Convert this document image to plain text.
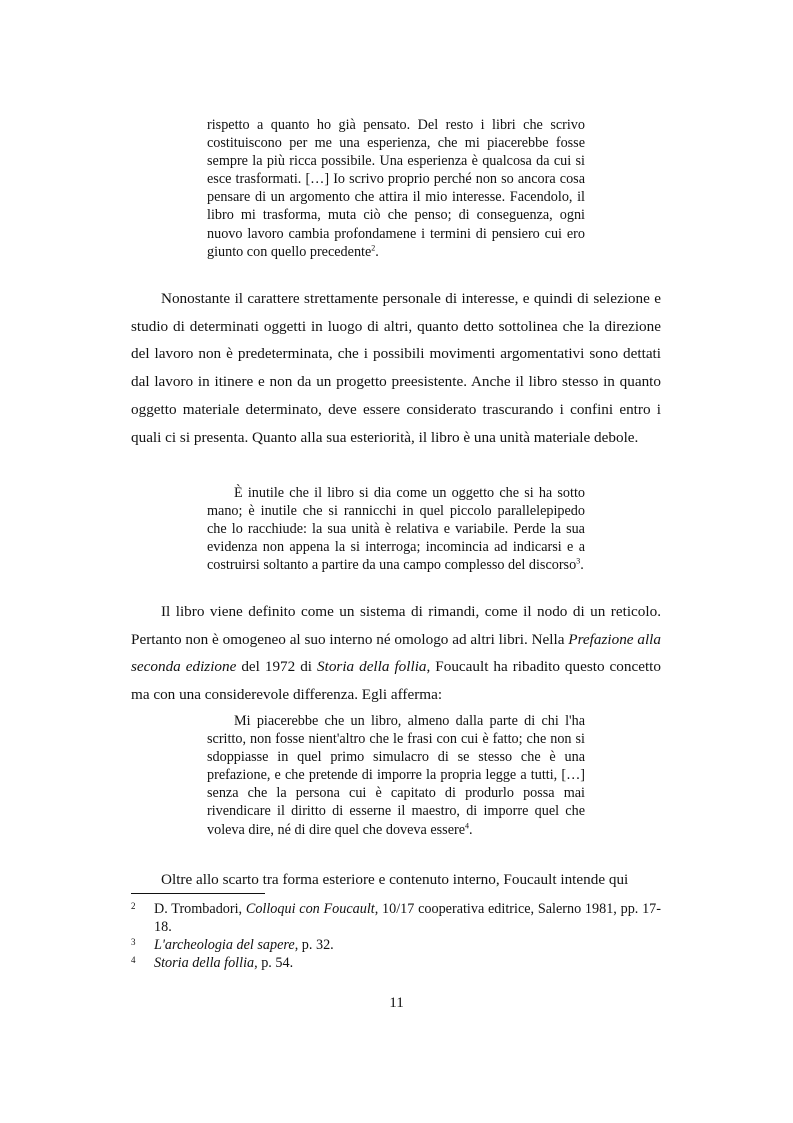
rispetto a quanto ho già pensato. Del resto i libri che scrivo costituiscono per me una esperienza, che mi piacerebbe fosse sempre la più ricca possibile. Una esperienza è qualcosa da cui si esce trasformati. […] Io scrivo proprio perché non so ancora cosa pensare di un argomento che attira il mio interesse. Facendolo, il libro mi trasforma, muta ciò che penso; di conseguenza, ogni nuovo lavoro cambia profondamene i termini di pensiero cui ero giunto con quello precedente$^2$.

Nonostante il carattere strettamente personale di interesse, e quindi di selezione e studio di determinati oggetti in luogo di altri, quanto detto sottolinea che la direzione del lavoro non è predeterminata, che i possibili movimenti argomentativi sono dettati dal lavoro in itinere e non da un progetto preesistente. Anche il libro stesso in quanto oggetto materiale determinato, deve essere considerato trascurando i confini entro i quali ci si presenta. Quanto alla sua esteriorità, il libro è una unità materiale debole.

È inutile che il libro si dia come un oggetto che si ha sotto mano; è inutile che si rannicchi in quel piccolo parallelepipedo che lo racchiude: la sua unità è relativa e variabile. Perde la sua evidenza non appena la si interroga; incomincia ad indicarsi e a costruirsi soltanto a partire da una campo complesso del discorso$^3$.

Il libro viene definito come un sistema di rimandi, come il nodo di un reticolo. Pertanto non è omogeneo al suo interno né omologo ad altri libri. Nella Prefazione alla seconda edizione del 1972 di Storia della follia, Foucault ha ribadito questo concetto ma con una considerevole differenza. Egli afferma:

Mi piacerebbe che un libro, almeno dalla parte di chi l'ha scritto, non fosse nient'altro che le frasi con cui è fatto; che non si sdoppiasse in quel primo simulacro di se stesso che è una prefazione, e che pretende di imporre la propria legge a tutti, […] senza che la persona cui è capitato di produrlo possa mai rivendicare il diritto di esserne il maestro, di imporre quel che voleva dire, né di dire quel che doveva essere$^4$.

Oltre allo scarto tra forma esteriore e contenuto interno, Foucault intende qui

2 D. Trombadori, Colloqui con Foucault, 10/17 cooperativa editrice, Salerno 1981, pp. 17-18.
3 L'archeologia del sapere, p. 32.
4 Storia della follia, p. 54.
11
